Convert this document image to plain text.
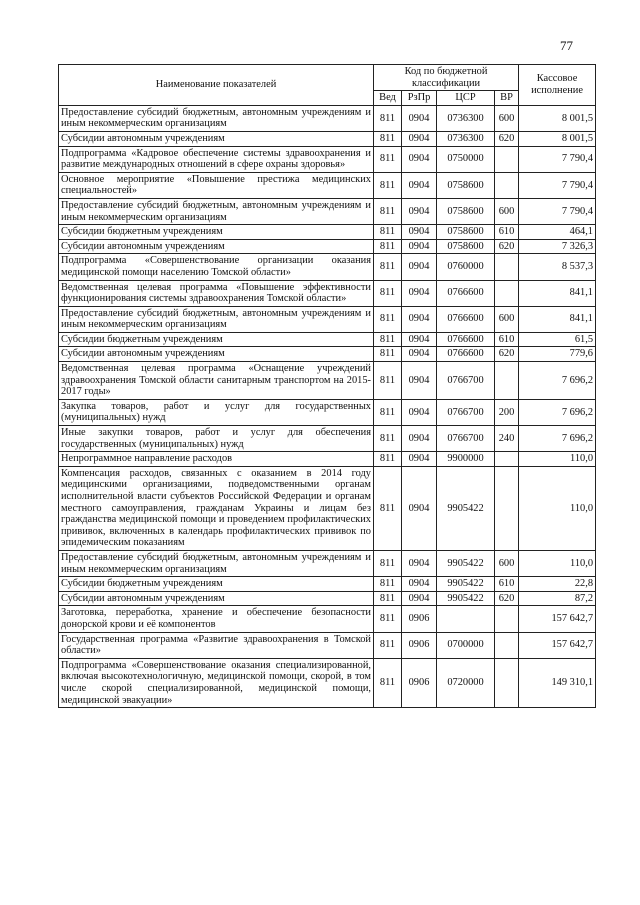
77
Наименование показателей	Код по бюджетной классификации				Кассовое исполнение
	Вед	РзПр	ЦСР	ВР	
Предоставление субсидий бюджетным, автономным учреждениям и иным некоммерческим организациям	811	0904	0736300	600	8 001,5
Субсидии автономным учреждениям	811	0904	0736300	620	8 001,5
Подпрограмма «Кадровое обеспечение системы здравоохранения и развитие международных отношений в сфере охраны здоровья»	811	0904	0750000		7 790,4
Основное мероприятие «Повышение престижа медицинских специальностей»	811	0904	0758600		7 790,4
Предоставление субсидий бюджетным, автономным учреждениям и иным некоммерческим организациям	811	0904	0758600	600	7 790,4
Субсидии бюджетным учреждениям	811	0904	0758600	610	464,1
Субсидии автономным учреждениям	811	0904	0758600	620	7 326,3
Подпрограмма «Совершенствование организации оказания медицинской помощи населению Томской области»	811	0904	0760000		8 537,3
Ведомственная целевая программа «Повышение эффективности функционирования системы здравоохранения Томской области»	811	0904	0766600		841,1
Предоставление субсидий бюджетным, автономным учреждениям и иным некоммерческим организациям	811	0904	0766600	600	841,1
Субсидии бюджетным учреждениям	811	0904	0766600	610	61,5
Субсидии автономным учреждениям	811	0904	0766600	620	779,6
Ведомственная целевая программа «Оснащение учреждений здравоохранения Томской области санитарным транспортом на 2015-2017 годы»	811	0904	0766700		7 696,2
Закупка товаров, работ и услуг для государственных (муниципальных) нужд	811	0904	0766700	200	7 696,2
Иные закупки товаров, работ и услуг для обеспечения государственных (муниципальных) нужд	811	0904	0766700	240	7 696,2
Непрограммное направление расходов	811	0904	9900000		110,0
Компенсация расходов, связанных с оказанием в 2014 году медицинскими организациями, подведомственными органам исполнительной власти субъектов Российской Федерации и органам местного самоуправления, гражданам Украины и лицам без гражданства медицинской помощи и проведением профилактических прививок, включенных в календарь профилактических прививок по эпидемическим показаниям	811	0904	9905422		110,0
Предоставление субсидий бюджетным, автономным учреждениям и иным некоммерческим организациям	811	0904	9905422	600	110,0
Субсидии бюджетным учреждениям	811	0904	9905422	610	22,8
Субсидии автономным учреждениям	811	0904	9905422	620	87,2
Заготовка, переработка, хранение и обеспечение безопасности донорской крови и её компонентов	811	0906			157 642,7
Государственная программа «Развитие здравоохранения в Томской области»	811	0906	0700000		157 642,7
Подпрограмма «Совершенствование оказания специализированной, включая высокотехнологичную, медицинской помощи, скорой, в том числе скорой специализированной, медицинской помощи, медицинской эвакуации»	811	0906	0720000		149 310,1
